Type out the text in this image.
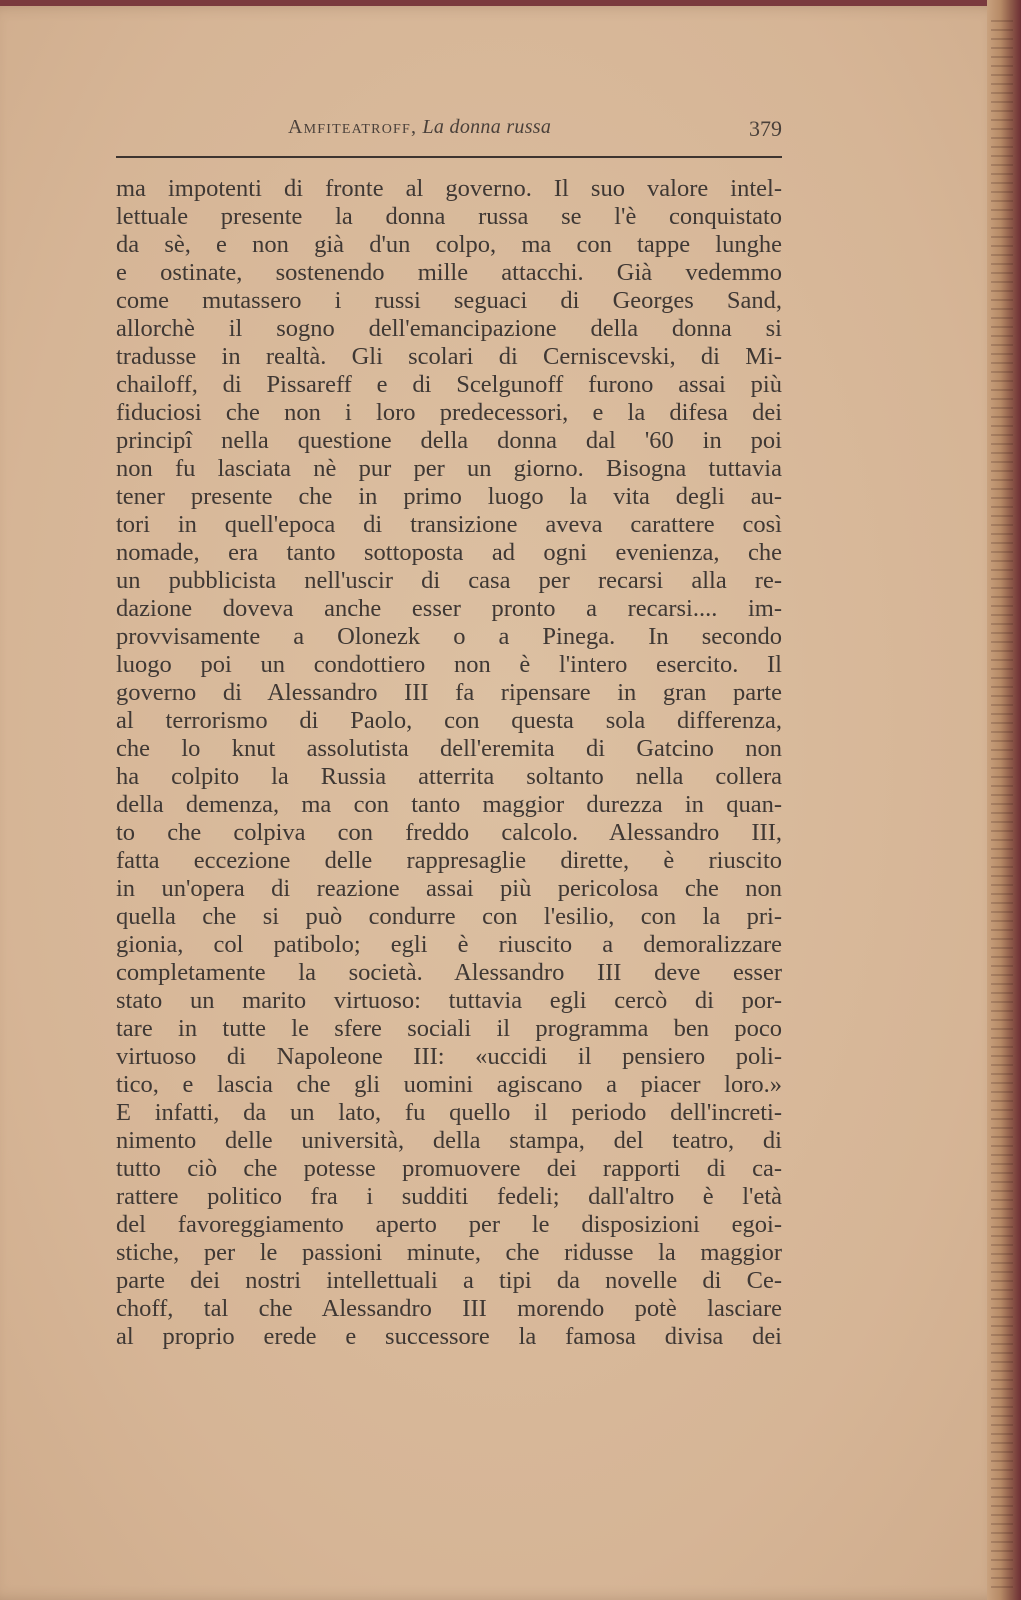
Amfiteatroff, La donna russa	379
ma impotenti di fronte al governo. Il suo valore intel-
lettuale presente la donna russa se l'è conquistato
da sè, e non già d'un colpo, ma con tappe lunghe
e ostinate, sostenendo mille attacchi. Già vedemmo
come mutassero i russi seguaci di Georges Sand,
allorchè il sogno dell'emancipazione della donna si
tradusse in realtà. Gli scolari di Cerniscevski, di Mi-
chailoff, di Pissareff e di Scelgunoff furono assai più
fiduciosi che non i loro predecessori, e la difesa dei
principî nella questione della donna dal '60 in poi
non fu lasciata nè pur per un giorno. Bisogna tuttavia
tener presente che in primo luogo la vita degli au-
tori in quell'epoca di transizione aveva carattere così
nomade, era tanto sottoposta ad ogni evenienza, che
un pubblicista nell'uscir di casa per recarsi alla re-
dazione doveva anche esser pronto a recarsi.... im-
provvisamente a Olonezk o a Pinega. In secondo
luogo poi un condottiero non è l'intero esercito. Il
governo di Alessandro III fa ripensare in gran parte
al terrorismo di Paolo, con questa sola differenza,
che lo knut assolutista dell'eremita di Gatcino non
ha colpito la Russia atterrita soltanto nella collera
della demenza, ma con tanto maggior durezza in quan-
to che colpiva con freddo calcolo. Alessandro III,
fatta eccezione delle rappresaglie dirette, è riuscito
in un'opera di reazione assai più pericolosa che non
quella che si può condurre con l'esilio, con la pri-
gionia, col patibolo; egli è riuscito a demoralizzare
completamente la società. Alessandro III deve esser
stato un marito virtuoso: tuttavia egli cercò di por-
tare in tutte le sfere sociali il programma ben poco
virtuoso di Napoleone III: «uccidi il pensiero poli-
tico, e lascia che gli uomini agiscano a piacer loro.»
E infatti, da un lato, fu quello il periodo dell'increti-
nimento delle università, della stampa, del teatro, di
tutto ciò che potesse promuovere dei rapporti di ca-
rattere politico fra i sudditi fedeli; dall'altro è l'età
del favoreggiamento aperto per le disposizioni egoi-
stiche, per le passioni minute, che ridusse la maggior
parte dei nostri intellettuali a tipi da novelle di Ce-
choff, tal che Alessandro III morendo potè lasciare
al proprio erede e successore la famosa divisa dei
